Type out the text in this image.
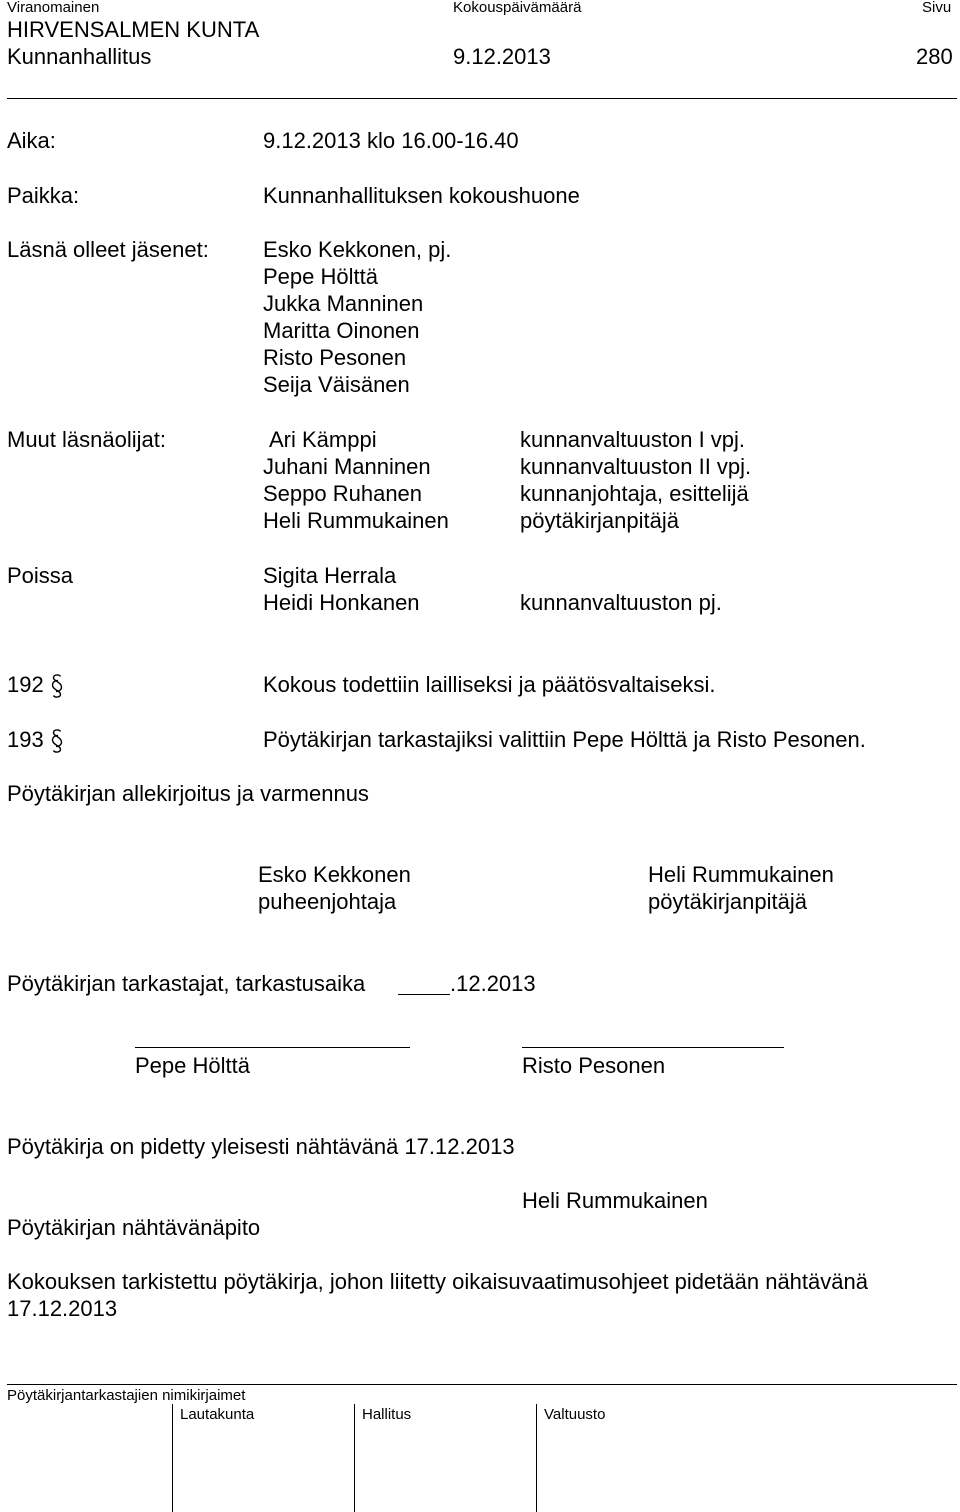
Viranomainen	Kokouspäivämäärä	Sivu
HIRVENSALMEN KUNTA
Kunnanhallitus	9.12.2013	280
Aika:	9.12.2013 klo 16.00-16.40
Paikka:	Kunnanhallituksen kokoushuone
Läsnä olleet jäsenet: Esko Kekkonen, pj.
Pepe Hölttä
Jukka Manninen
Maritta Oinonen
Risto Pesonen
Seija Väisänen
Muut läsnäolijat:	Ari Kämppi	kunnanvaltuuston I vpj.
Juhani Manninen	kunnanvaltuuston II vpj.
Seppo Ruhanen	kunnanjohtaja, esittelijä
Heli Rummukainen	pöytäkirjanpitäjä
Poissa	Sigita Herrala
Heidi Honkanen	kunnanvaltuuston pj.
192	Kokous todettiin lailliseksi ja päätösvaltaiseksi.
193	Pöytäkirjan tarkastajiksi valittiin Pepe Hölttä ja Risto Pesonen.
Pöytäkirjan allekirjoitus ja varmennus
Esko Kekkonen
puheenjohtaja
Heli Rummukainen
pöytäkirjanpitäjä
Pöytäkirjan tarkastajat, tarkastusaika	.12.2013
Pepe Hölttä	Risto Pesonen
Pöytäkirja on pidetty yleisesti nähtävänä 17.12.2013
Heli Rummukainen
Pöytäkirjan nähtävänäpito
Kokouksen tarkistettu pöytäkirja, johon liitetty oikaisuvaatimusohjeet pidetään nähtävänä
17.12.2013
Pöytäkirjantarkastajien nimikirjaimet
Lautakunta	Hallitus	Valtuusto
